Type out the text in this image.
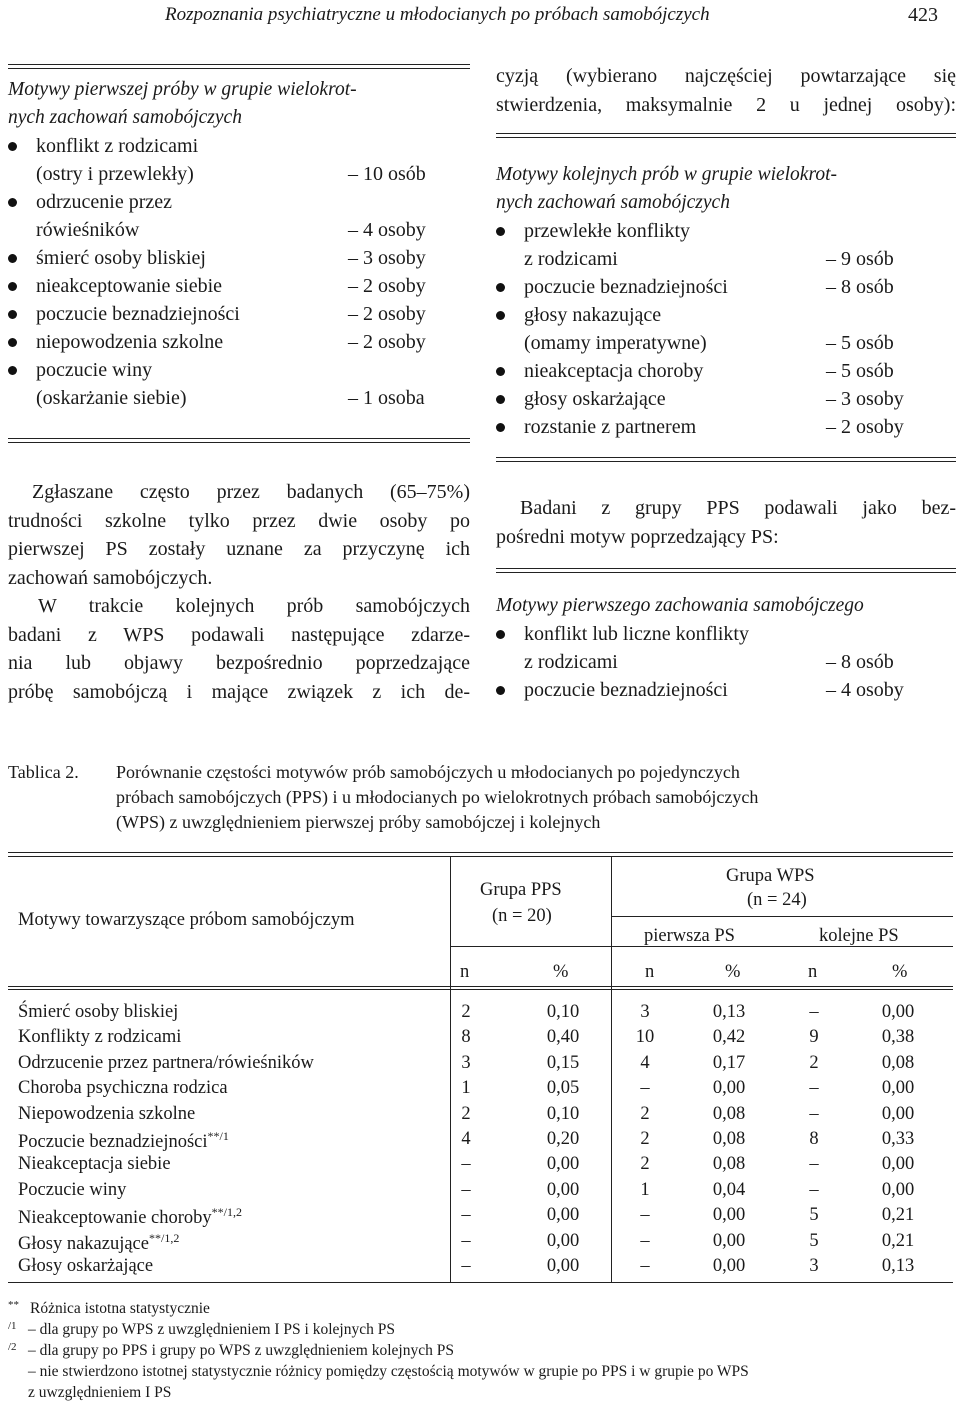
Rozpoznania psychiatryczne u młodocianych po próbach samobójczych	423
Motywy pierwszej próby w grupie wielokrot-
nych zachowań samobójczych
konflikt z rodzicami
(ostry i przewlekły)	– 10 osób
odrzucenie przez
rówieśników	– 4 osoby
śmierć osoby bliskiej	– 3 osoby
nieakceptowanie siebie	– 2 osoby
poczucie beznadziejności	– 2 osoby
niepowodzenia szkolne	– 2 osoby
poczucie winy
(oskarżanie siebie)	– 1 osoba
cyzją (wybierano najczęściej powtarzające się
stwierdzenia, maksymalnie 2 u jednej osoby):
Motywy kolejnych prób w grupie wielokrot-
nych zachowań samobójczych
przewlekłe konflikty
z rodzicami	– 9 osób
poczucie beznadziejności	– 8 osób
głosy nakazujące
(omamy imperatywne)	– 5 osób
nieakceptacja choroby	– 5 osób
głosy oskarżające	– 3 osoby
rozstanie z partnerem	– 2 osoby
Zgłaszane często przez badanych (65–75%)
trudności szkolne tylko przez dwie osoby po
pierwszej PS zostały uznane za przyczynę ich
zachowań samobójczych.
W trakcie kolejnych prób samobójczych
badani z WPS podawali następujące zdarze-
nia lub objawy bezpośrednio poprzedzające
próbę samobójczą i mające związek z ich de-
Badani z grupy PPS podawali jako bez-
pośredni motyw poprzedzający PS:
Motywy pierwszego zachowania samobójczego
konflikt lub liczne konflikty
z rodzicami	– 8 osób
poczucie beznadziejności	– 4 osoby
Tablica 2. Porównanie częstości motywów prób samobójczych u młodocianych po pojedynczych
próbach samobójczych (PPS) i u młodocianych po wielokrotnych próbach samobójczych
(WPS) z uwzględnieniem pierwszej próby samobójczej i kolejnych
Motywy towarzyszące próbom samobójczym
Grupa PPS
(n = 20)
Grupa WPS
(n = 24)
pierwsza PS	kolejne PS
n	%	n	%	n	%
Śmierć osoby bliskiej	2	0,10	3	0,13	–	0,00
Konflikty z rodzicami	8	0,40	10	0,42	9	0,38
Odrzucenie przez partnera/rówieśników	3	0,15	4	0,17	2	0,08
Choroba psychiczna rodzica	1	0,05	–	0,00	–	0,00
Niepowodzenia szkolne	2	0,10	2	0,08	–	0,00
Poczucie beznadziejności$^{**/1}$	4	0,20	2	0,08	8	0,33
Nieakceptacja siebie	–	0,00	2	0,08	–	0,00
Poczucie winy	–	0,00	1	0,04	–	0,00
Nieakceptowanie choroby$^{**/1,2}$	–	0,00	–	0,00	5	0,21
Głosy nakazujące$^{**/1,2}$	–	0,00	–	0,00	5	0,21
Głosy oskarżające	–	0,00	–	0,00	3	0,13
** Różnica istotna statystycznie
/1 – dla grupy po WPS z uwzględnieniem I PS i kolejnych PS
/2 – dla grupy po PPS i grupy po WPS z uwzględnieniem kolejnych PS
– nie stwierdzono istotnej statystycznie różnicy pomiędzy częstością motywów w grupie po PPS i w grupie po WPS
z uwzględnieniem I PS
